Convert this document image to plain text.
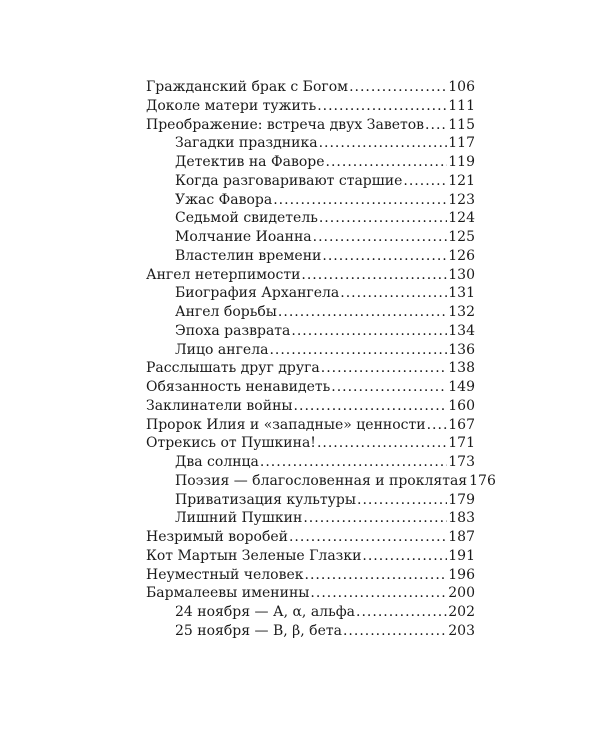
Гражданский брак с Богом .....	106
Доколе матери тужить .....	111
Преображение: встреча двух Заветов ..... 115
Загадки праздника .....	117
Детектив на Фаворе .....	119
Когда разговаривают старшие .....	121
Ужас Фавора .....	123
Седьмой свидетель .....	124
Молчание Иоанна .....	125
Властелин времени .....	126
Ангел нетерпимости .....	130
Биография Архангела .....	131
Ангел борьбы .....	132
Эпоха разврата .....	134
Лицо ангела .....	136
Расслышать друг друга .....	138
Обязанность ненавидеть .....	149
Заклинатели войны .....	160
Пророк Илия и «западные» ценности ..... 167
Отрекись от Пушкина! .....	171
Два солнца .....	173
Поэзия — благословенная и проклятая 176
Приватизация культуры .....	179
Лишний Пушкин .....	183
Незримый воробей .....	187
Кот Мартын Зеленые Глазки .....	191
Неуместный человек .....	196
Бармалеевы именины .....	200
24 ноября — А, α, альфа .....	202
25 ноября — В, β, бета .....	203
